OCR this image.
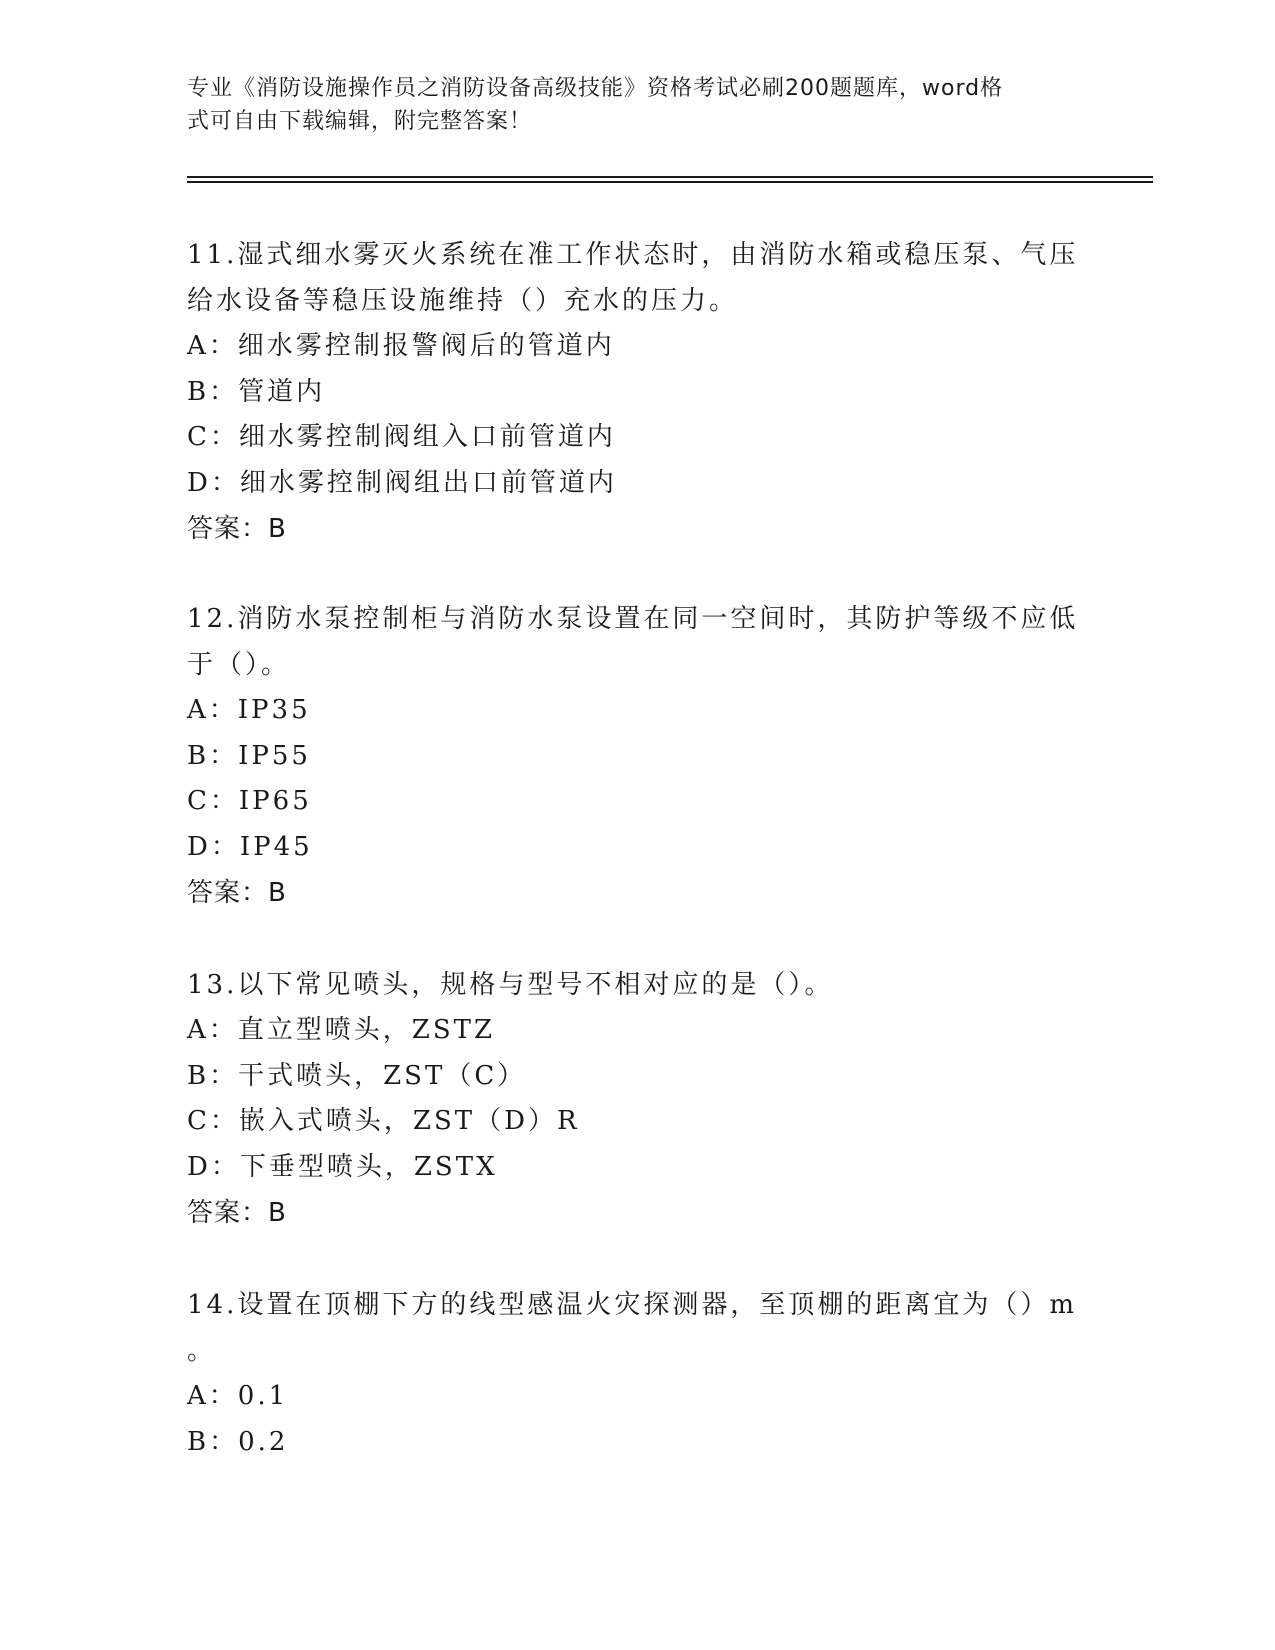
专业《消防设施操作员之消防设备高级技能》资格考试必刷200题题库，word格
式可自由下载编辑，附完整答案！
11.湿式细水雾灭火系统在准工作状态时，由消防水箱或稳压泵、气压
给水设备等稳压设施维持（）充水的压力。
A：细水雾控制报警阀后的管道内
B：管道内
C：细水雾控制阀组入口前管道内
D：细水雾控制阀组出口前管道内
答案：B
12.消防水泵控制柜与消防水泵设置在同一空间时，其防护等级不应低
于（）。
A：IP35
B：IP55
C：IP65
D：IP45
答案：B
13.以下常见喷头，规格与型号不相对应的是（）。
A：直立型喷头，ZSTZ
B：干式喷头，ZST（C）
C：嵌入式喷头，ZST（D）R
D：下垂型喷头，ZSTX
答案：B
14.设置在顶棚下方的线型感温火灾探测器，至顶棚的距离宜为（）m
。
A：0.1
B：0.2
